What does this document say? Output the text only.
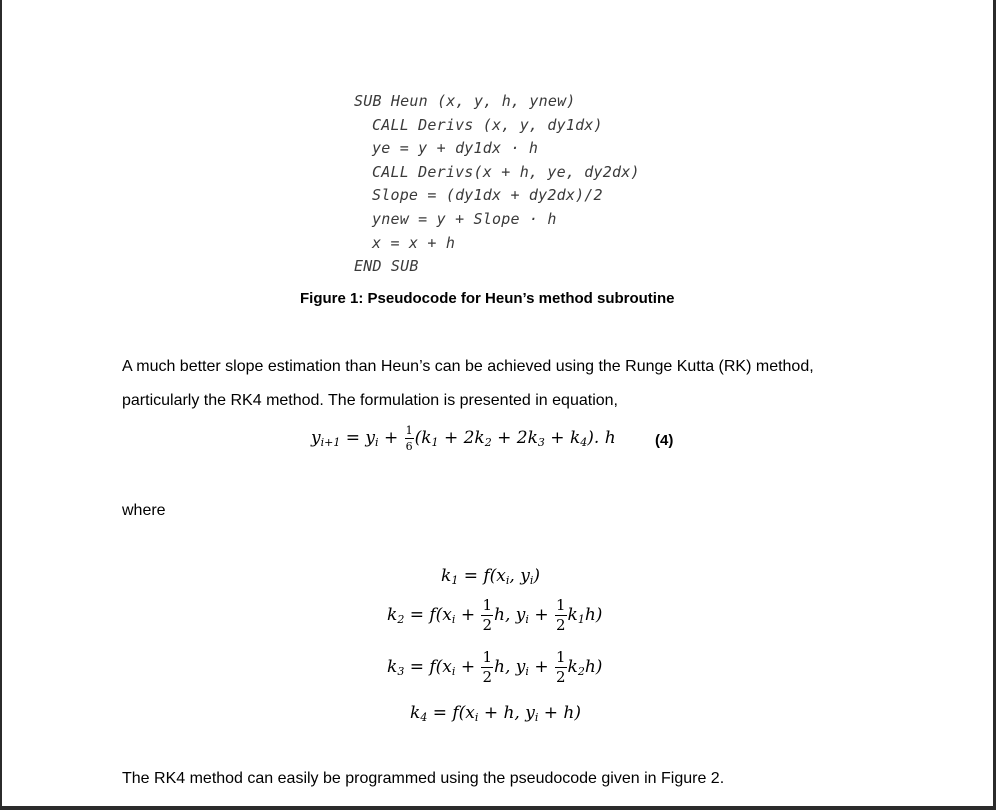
SUB Heun (x, y, h, ynew)
CALL Derivs (x, y, dy1dx)
ye = y + dy1dx · h
CALL Derivs(x + h, ye, dy2dx)
Slope = (dy1dx + dy2dx)/2
ynew = y + Slope · h
x = x + h
END SUB
Figure 1: Pseudocode for Heun’s method subroutine
A much better slope estimation than Heun’s can be achieved using the Runge Kutta (RK) method,
particularly the RK4 method. The formulation is presented in equation,
$y_{i+1} = y_i + \frac{1}{6} (k_1 + 2k_2 + 2k_3 + k_4)$. h	(4)
where
$k_1 = f(x_i$, $y_i$)
$k_2 = f(x_i + \frac{1}{2} h$, $y_i + \frac{1}{2} k_1h$)
$k_3 = f(x_i + \frac{1}{2} h$, $y_i + \frac{1}{2} k_2h$)
$k_4 = f(x_i + h$, $y_i + h$)
The RK4 method can easily be programmed using the pseudocode given in Figure 2.
